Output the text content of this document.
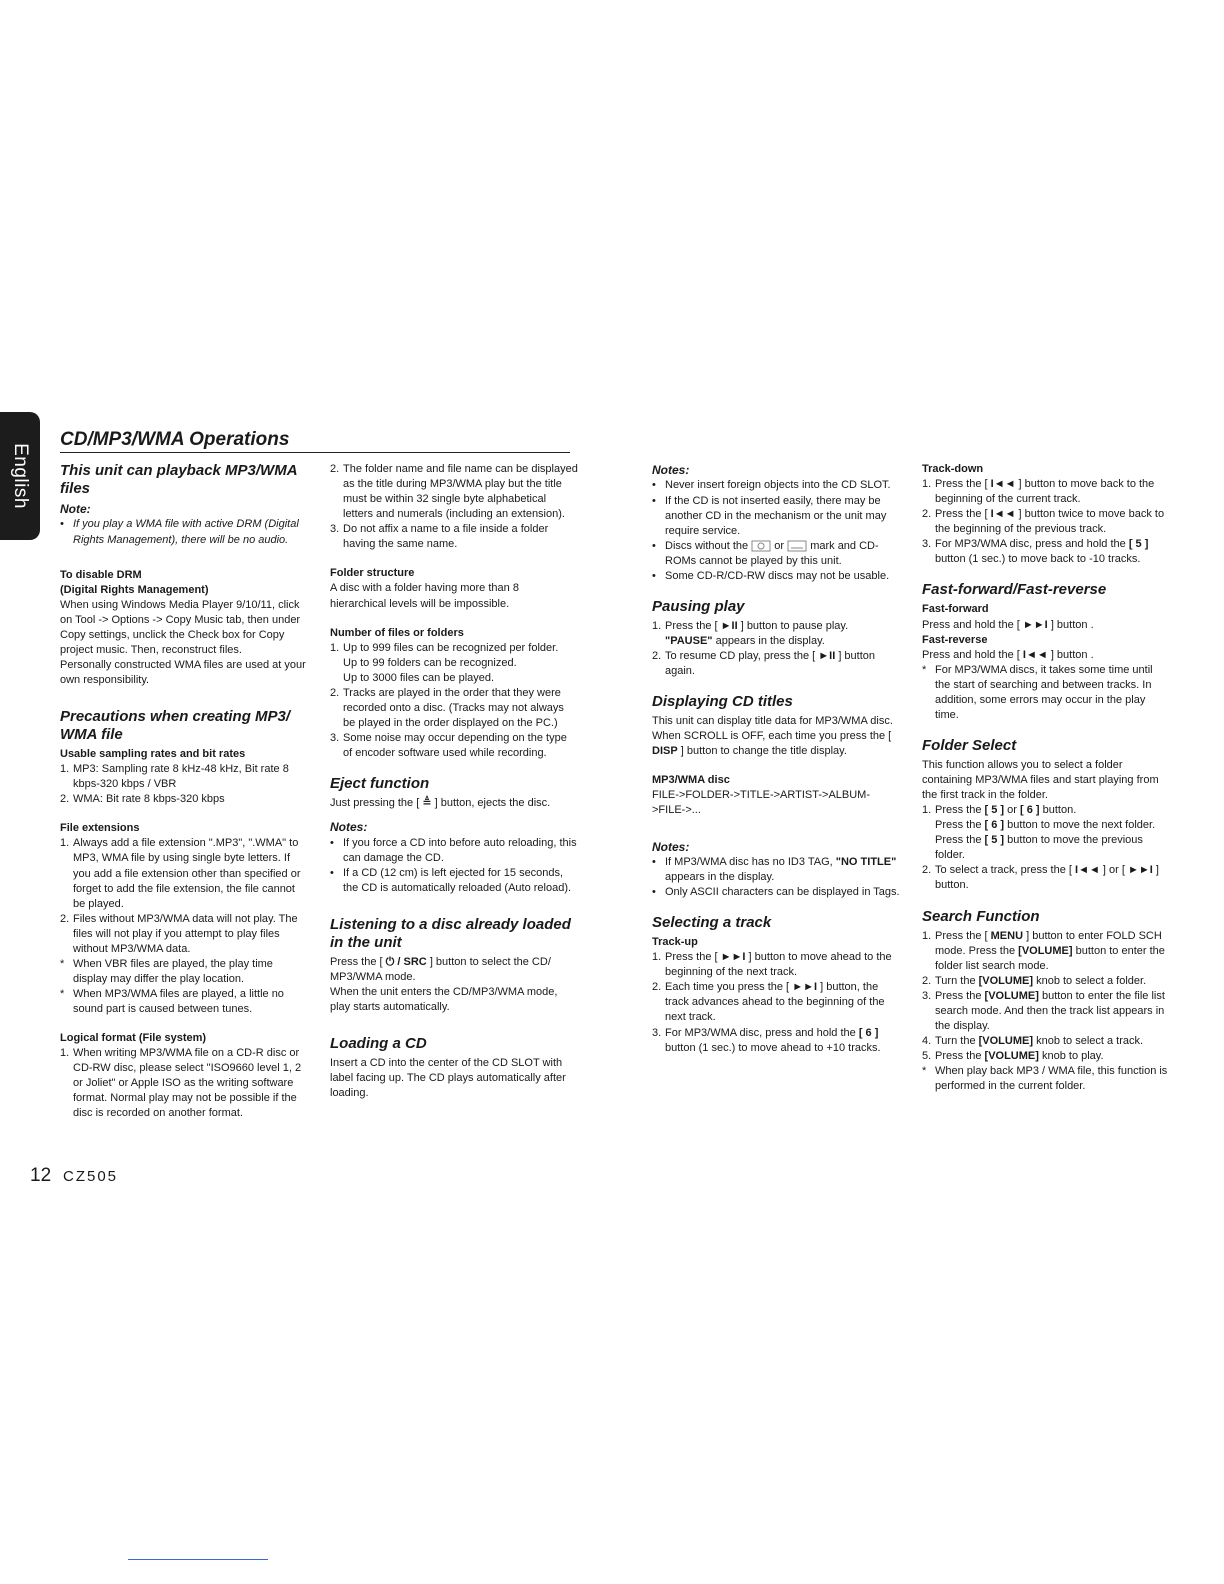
English
CD/MP3/WMA Operations
This unit can playback MP3/WMA files

Note:

• If you play a WMA file with active DRM (Digital Rights Management), there will be no audio.
To disable DRM
(Digital Rights Management)

When using Windows Media Player 9/10/11, click on Tool -> Options -> Copy Music tab, then under Copy settings, unclick the Check box for Copy project music. Then, reconstruct files.

Personally constructed WMA files are used at your own responsibility.

Precautions when creating MP3/ WMA file
Usable sampling rates and bit rates
1. MP3: Sampling rate 8 kHz-48 kHz, Bit rate 8 kbps-320 kbps / VBR
2. WMA: Bit rate 8 kbps-320 kbps
File extensions
1. Always add a file extension ".MP3", ".WMA" to MP3, WMA file by using single byte letters. If you add a file extension other than specified or forget to add the file extension, the file cannot be played.
2. Files without MP3/WMA data will not play. The files will not play if you attempt to play files without MP3/WMA data.
* When VBR files are played, the play time display may differ the play location.
* When MP3/WMA files are played, a little no sound part is caused between tunes.
Logical format (File system)
1. When writing MP3/WMA file on a CD-R disc or CD-RW disc, please select "ISO9660 level 1, 2 or Joliet" or Apple ISO as the writing software format. Normal play may not be possible if the disc is recorded on another format.
2. The folder name and file name can be displayed as the title during MP3/WMA play but the title must be within 32 single byte alphabetical letters and numerals (including an extension).
3. Do not affix a name to a file inside a folder having the same name.
Folder structure

A disc with a folder having more than 8 hierarchical levels will be impossible.

Number of files or folders
1. Up to 999 files can be recognized per folder.
Up to 99 folders can be recognized.
Up to 3000 files can be played.
2. Tracks are played in the order that they were recorded onto a disc. (Tracks may not always be played in the order displayed on the PC.)
3. Some noise may occur depending on the type of encoder software used while recording.
Eject function

Just pressing the [ ≜ ] button, ejects the disc.

Notes:

• If you force a CD into before auto reloading, this can damage the CD.
• If a CD (12 cm) is left ejected for 15 seconds, the CD is automatically reloaded (Auto reload).
Listening to a disc already loaded in the unit

Press the [ ⏻ / SRC ] button to select the CD/ MP3/WMA mode.

When the unit enters the CD/MP3/WMA mode, play starts automatically.

Loading a CD

Insert a CD into the center of the CD SLOT with label facing up. The CD plays automatically after loading.

Notes:

• Never insert foreign objects into the CD SLOT.
• If the CD is not inserted easily, there may be another CD in the mechanism or the unit may require service.
• Discs without the or mark and CD-ROMs cannot be played by this unit.
• Some CD-R/CD-RW discs may not be usable.
Pausing play
1. Press the [ ►II ] button to pause play.
"PAUSE" appears in the display.
2. To resume CD play, press the [ ►II ] button again.
Displaying CD titles

This unit can display title data for MP3/WMA disc.

When SCROLL is OFF, each time you press the [ DISP ] button to change the title display.

MP3/WMA disc

FILE->FOLDER->TITLE->ARTIST->ALBUM->FILE->...

Notes:

• If MP3/WMA disc has no ID3 TAG, "NO TITLE" appears in the display.
• Only ASCII characters can be displayed in Tags.
Selecting a track
Track-up
1. Press the [ ►►I ] button to move ahead to the beginning of the next track.
2. Each time you press the [ ►►I ] button, the track advances ahead to the beginning of the next track.
3. For MP3/WMA disc, press and hold the [ 6 ] button (1 sec.) to move ahead to +10 tracks.
Track-down
1. Press the [ I◄◄ ] button to move back to the beginning of the current track.
2. Press the [ I◄◄ ] button twice to move back to the beginning of the previous track.
3. For MP3/WMA disc, press and hold the [ 5 ] button (1 sec.) to move back to -10 tracks.
Fast-forward/Fast-reverse
Fast-forward

Press and hold the [ ►►I ] button .

Fast-reverse

Press and hold the [ I◄◄ ] button .

* For MP3/WMA discs, it takes some time until the start of searching and between tracks. In addition, some errors may occur in the play time.
Folder Select

This function allows you to select a folder containing MP3/WMA files and start playing from the first track in the folder.

1. Press the [ 5 ] or [ 6 ] button.
Press the [ 6 ] button to move the next folder. Press the [ 5 ] button to move the previous folder.
2. To select a track, press the [ I◄◄ ] or [ ►►I ] button.
Search Function
1. Press the [ MENU ] button to enter FOLD SCH mode. Press the [VOLUME] button to enter the folder list search mode.
2. Turn the [VOLUME] knob to select a folder.
3. Press the [VOLUME] button to enter the file list search mode. And then the track list appears in the display.
4. Turn the [VOLUME] knob to select a track.
5. Press the [VOLUME] knob to play.
* When play back MP3 / WMA file, this function is performed in the current folder.
12 CZ505
